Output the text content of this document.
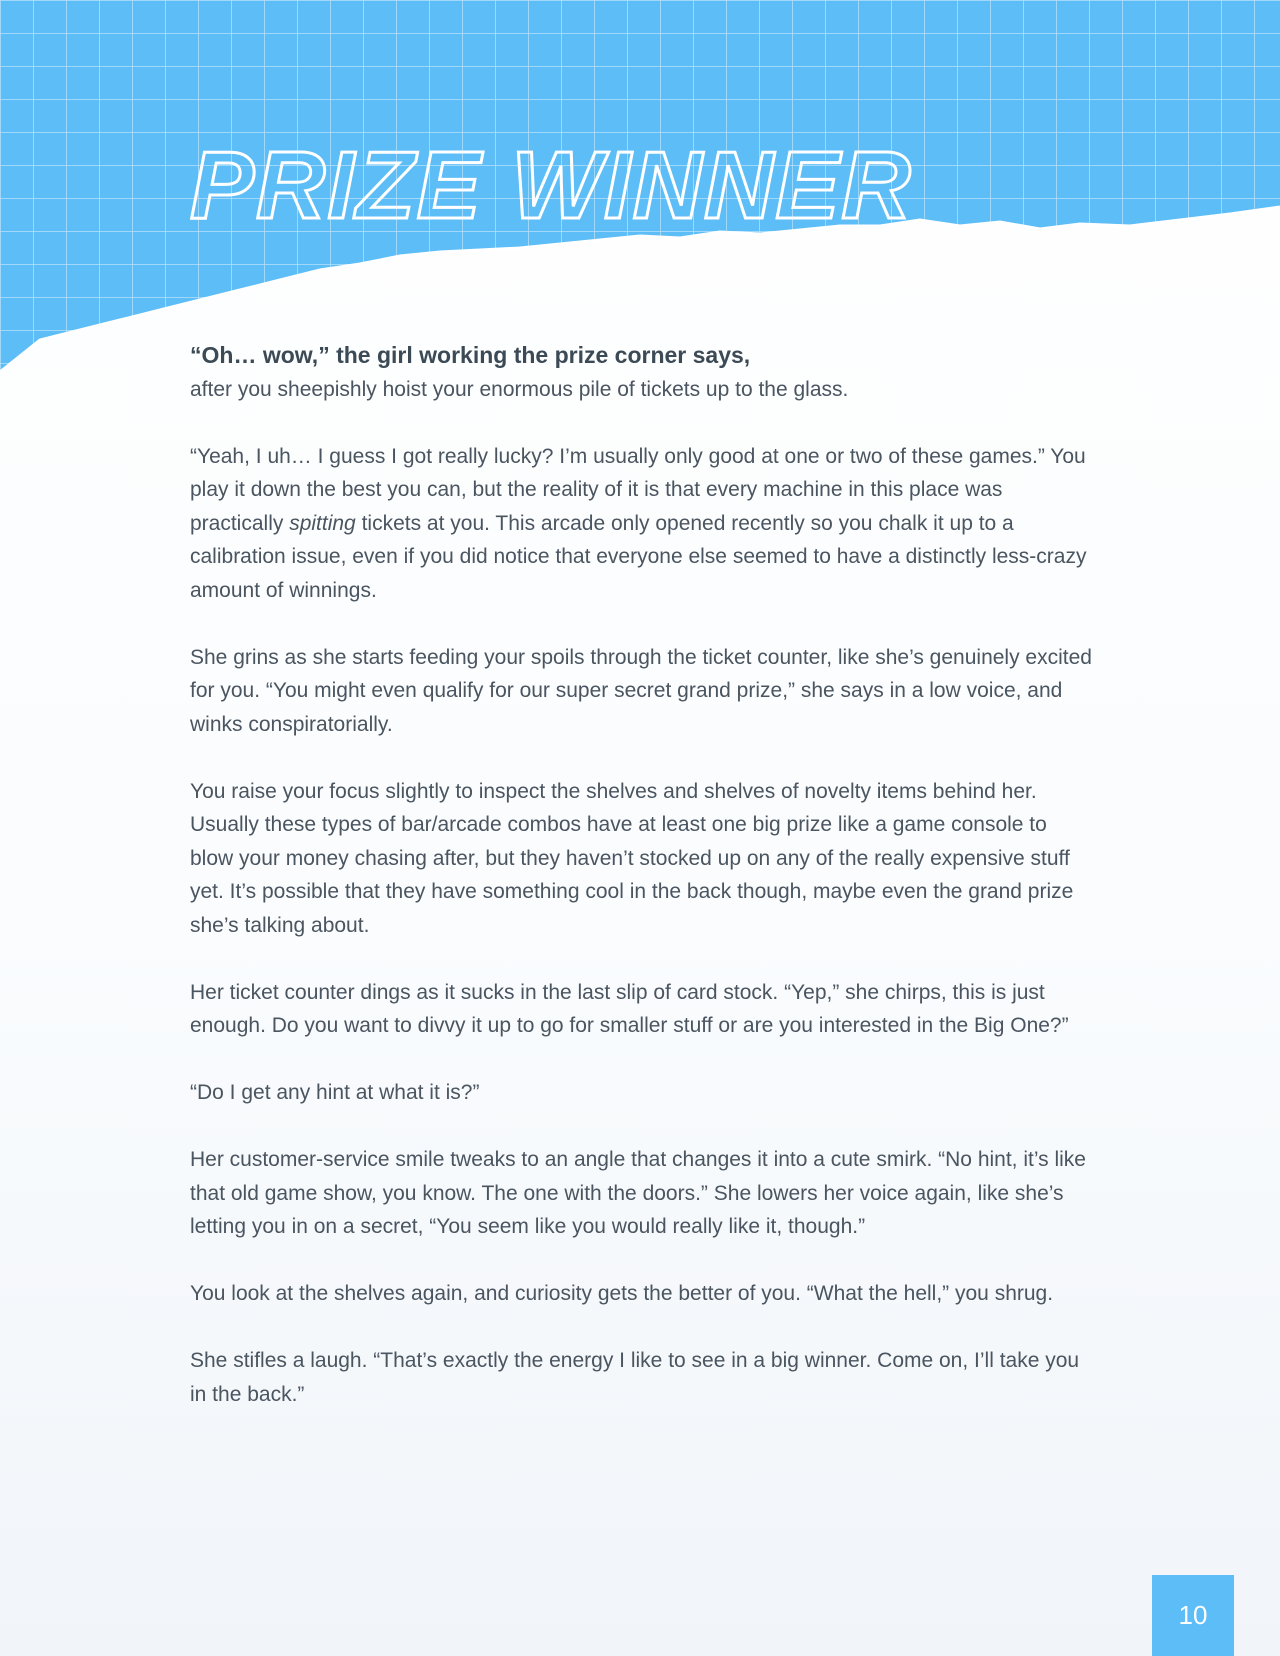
PRIZE WINNER

“Oh… wow,” the girl working the prize corner says,
after you sheepishly hoist your enormous pile of tickets up to the glass.

“Yeah, I uh… I guess I got really lucky? I’m usually only good at one or two of these games.” You play it down the best you can, but the reality of it is that every machine in this place was practically spitting tickets at you. This arcade only opened recently so you chalk it up to a calibration issue, even if you did notice that everyone else seemed to have a distinctly less-crazy amount of winnings.

She grins as she starts feeding your spoils through the ticket counter, like she’s genuinely excited for you. “You might even qualify for our super secret grand prize,” she says in a low voice, and winks conspiratorially.

You raise your focus slightly to inspect the shelves and shelves of novelty items behind her. Usually these types of bar/arcade combos have at least one big prize like a game console to blow your money chasing after, but they haven’t stocked up on any of the really expensive stuff yet. It’s possible that they have something cool in the back though, maybe even the grand prize she’s talking about.

Her ticket counter dings as it sucks in the last slip of card stock. “Yep,” she chirps, this is just enough. Do you want to divvy it up to go for smaller stuff or are you interested in the Big One?”

“Do I get any hint at what it is?”

Her customer-service smile tweaks to an angle that changes it into a cute smirk. “No hint, it’s like that old game show, you know. The one with the doors.” She lowers her voice again, like she’s letting you in on a secret, “You seem like you would really like it, though.”

You look at the shelves again, and curiosity gets the better of you. “What the hell,” you shrug.

She stifles a laugh. “That’s exactly the energy I like to see in a big winner. Come on, I’ll take you in the back.”

10
